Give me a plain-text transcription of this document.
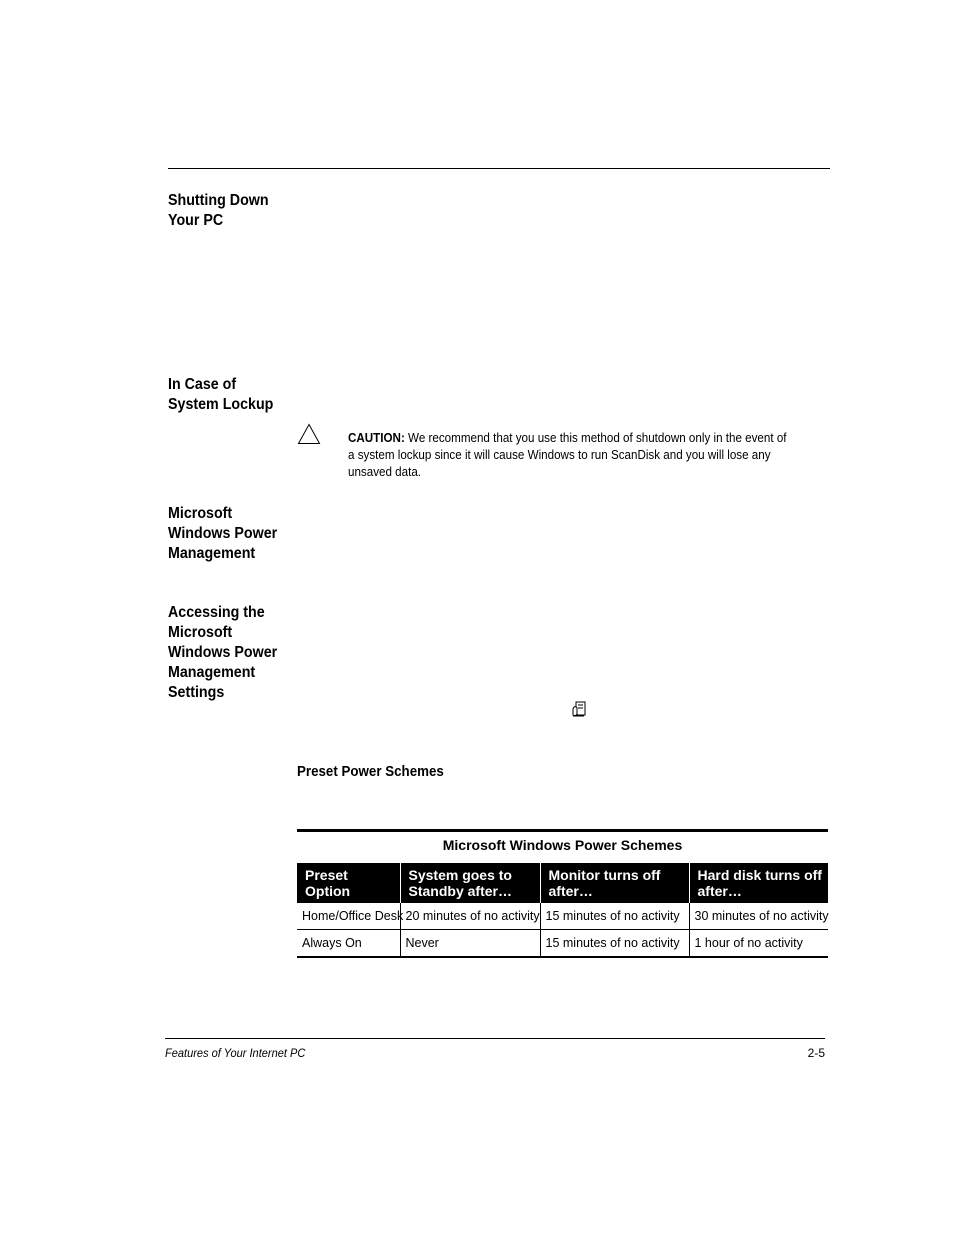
Shutting Down
Your PC
In Case of
System Lockup
CAUTION: We recommend that you use this method of shutdown only in the event of a system lockup since it will cause Windows to run ScanDisk and you will lose any unsaved data.
Microsoft
Windows Power
Management
Accessing the
Microsoft
Windows Power
Management
Settings
Preset Power Schemes
Microsoft Windows Power Schemes
Preset Option	System goes to Standby after…	Monitor turns off after…	Hard disk turns off after…
Home/Office Desk	20 minutes of no activity	15 minutes of no activity	30 minutes of no activity
Always On	Never	15 minutes of no activity	1 hour of no activity
Features of Your Internet PC	2-5
